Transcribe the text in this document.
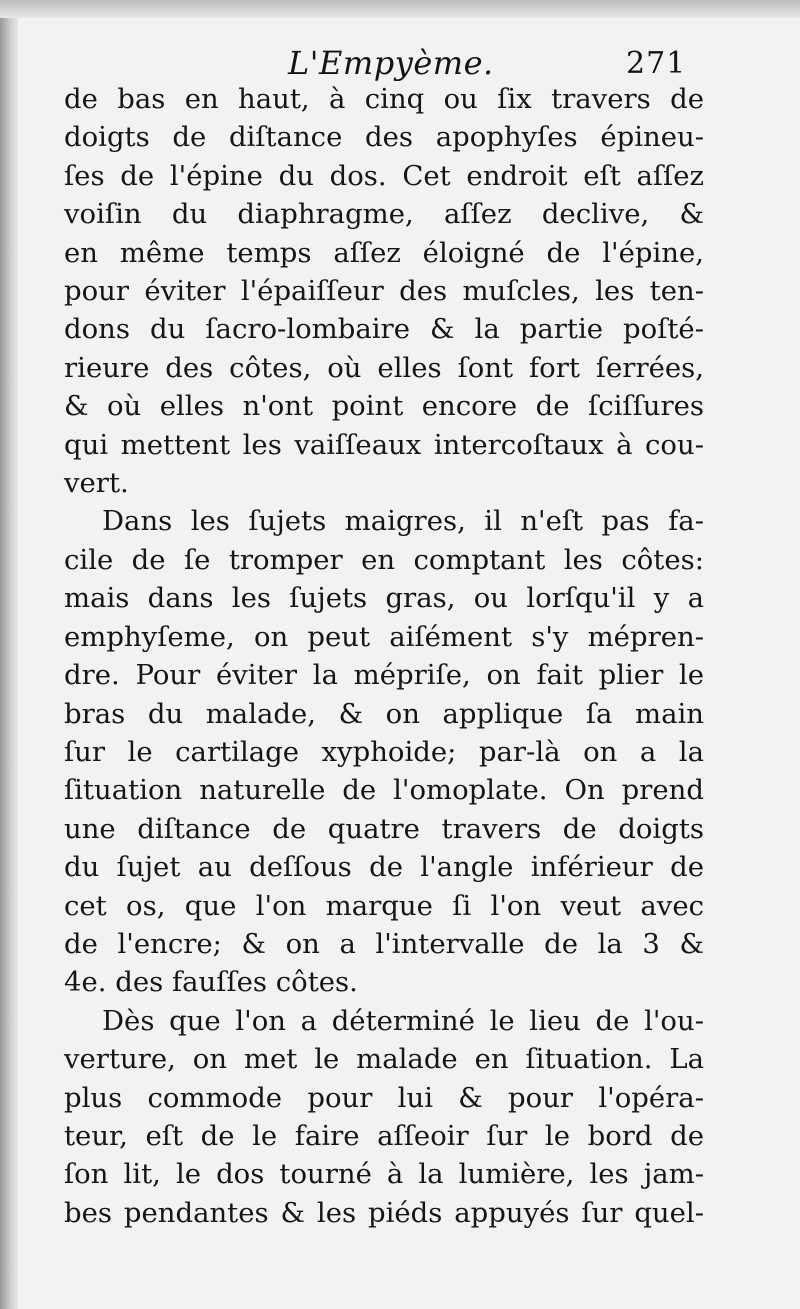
L'Empyème.	271
de bas en haut, à cinq ou ſix travers de
doigts de diſtance des apophyſes épineu-
ſes de l'épine du dos. Cet endroit eſt aſſez
voiſin du diaphragme, aſſez declive, &
en même temps aſſez éloigné de l'épine,
pour éviter l'épaiſſeur des muſcles, les ten-
dons du ſacro-lombaire & la partie poſté-
rieure des côtes, où elles ſont fort ſerrées,
& où elles n'ont point encore de ſciſſures
qui mettent les vaiſſeaux intercoſtaux à cou-
vert.
Dans les ſujets maigres, il n'eſt pas fa-
cile de ſe tromper en comptant les côtes:
mais dans les ſujets gras, ou lorſqu'il y a
emphyſeme, on peut aiſément s'y mépren-
dre. Pour éviter la mépriſe, on fait plier le
bras du malade, & on applique ſa main
ſur le cartilage xyphoide; par-là on a la
ſituation naturelle de l'omoplate. On prend
une diſtance de quatre travers de doigts
du ſujet au deſſous de l'angle inférieur de
cet os, que l'on marque ſi l'on veut avec
de l'encre; & on a l'intervalle de la 3 &
4e. des fauſſes côtes.
Dès que l'on a déterminé le lieu de l'ou-
verture, on met le malade en ſituation. La
plus commode pour lui & pour l'opéra-
teur, eſt de le faire aſſeoir ſur le bord de
ſon lit, le dos tourné à la lumière, les jam-
bes pendantes & les piéds appuyés ſur quel-
